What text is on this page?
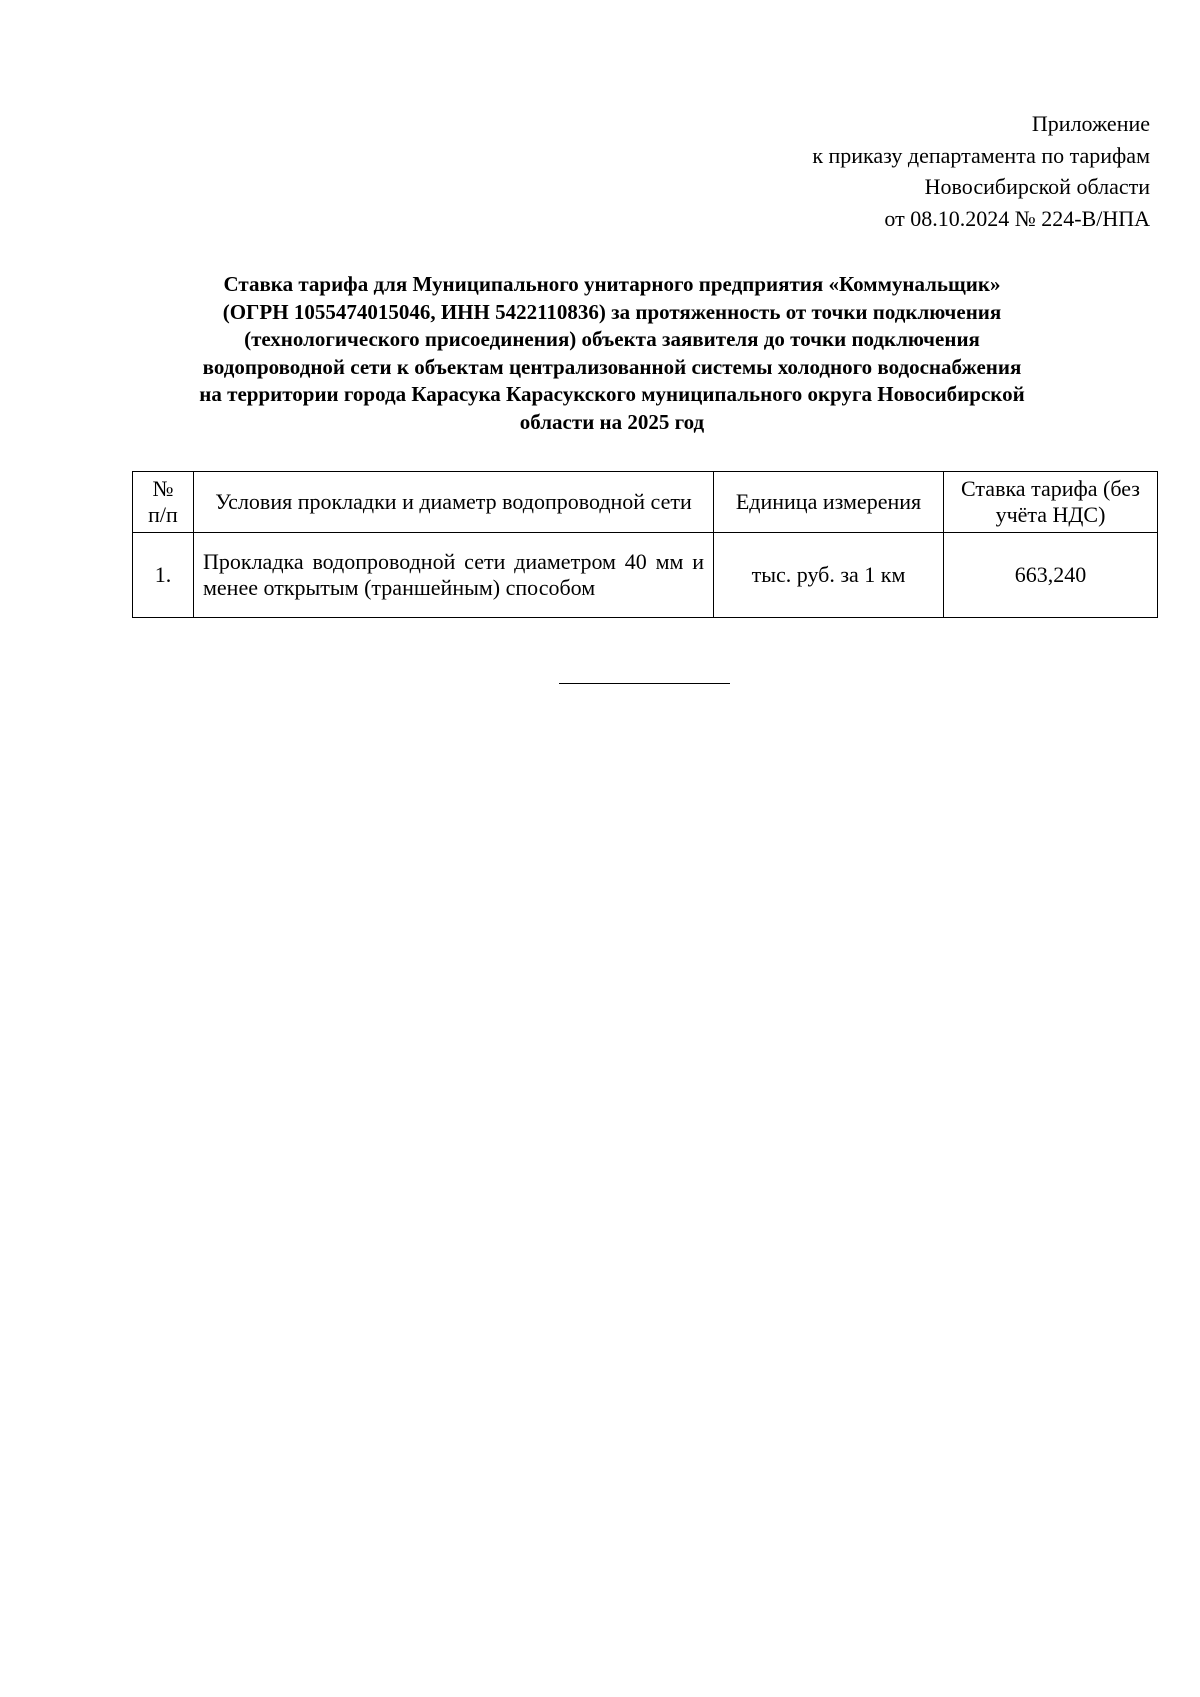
Приложение
к приказу департамента по тарифам
Новосибирской области
от 08.10.2024 № 224-В/НПА
Ставка тарифа для Муниципального унитарного предприятия «Коммунальщик»
(ОГРН 1055474015046, ИНН 5422110836) за протяженность от точки подключения
(технологического присоединения) объекта заявителя до точки подключения
водопроводной сети к объектам централизованной системы холодного водоснабжения
на территории города Карасука Карасукского муниципального округа Новосибирской
области на 2025 год
№ п/п	Условия прокладки и диаметр водопроводной сети	Единица измерения	Ставка тарифа (без учёта НДС)
1.	Прокладка водопроводной сети диаметром 40 мм и менее открытым (траншейным) способом	тыс. руб. за 1 км	663,240
